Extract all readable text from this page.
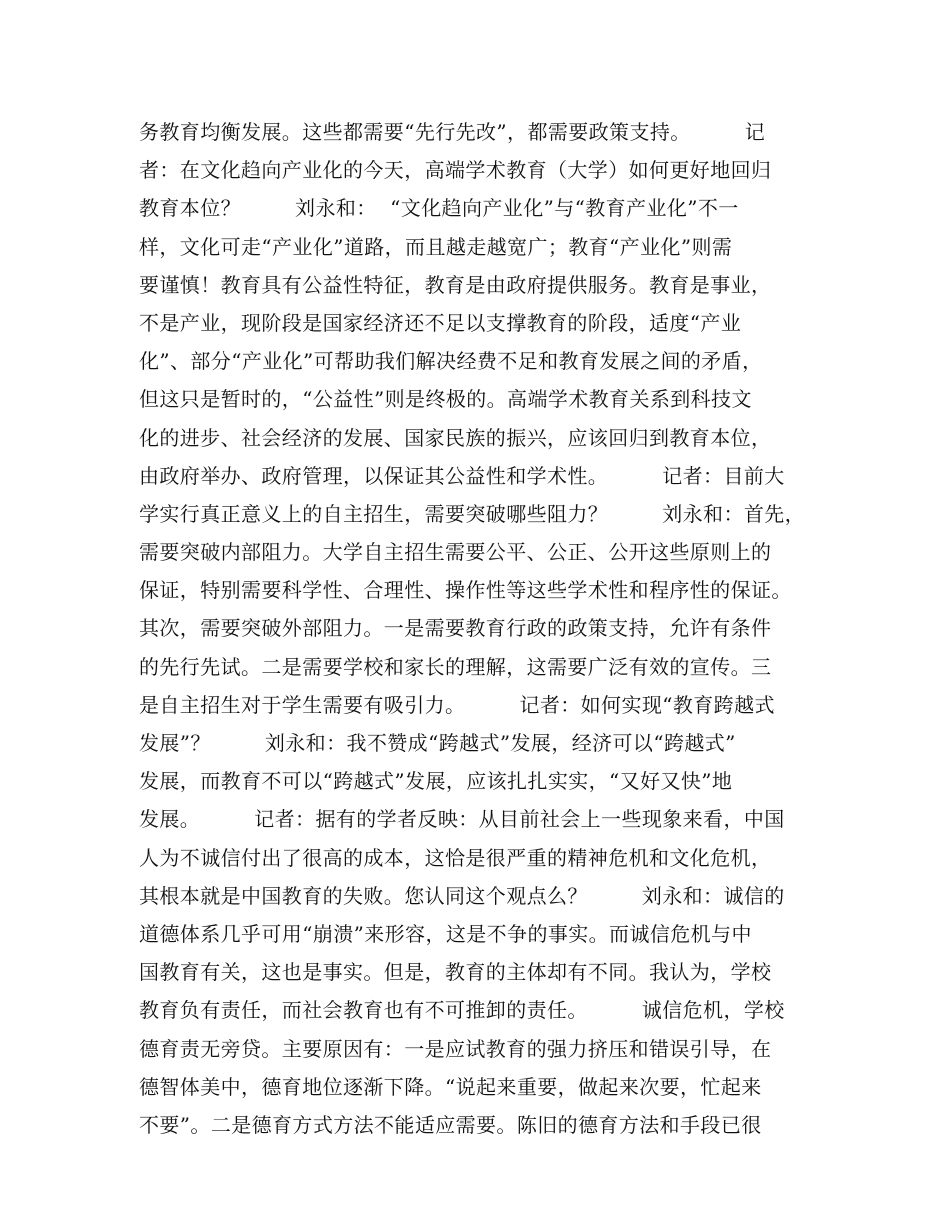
务教育均衡发展。这些都需要“先行先改”，都需要政策支持。        记
者：在文化趋向产业化的今天，高端学术教育（大学）如何更好地回归
教育本位？        刘永和：  “文化趋向产业化”与“教育产业化”不一
样，文化可走“产业化”道路，而且越走越宽广；教育“产业化”则需
要谨慎！教育具有公益性特征，教育是由政府提供服务。教育是事业，
不是产业，现阶段是国家经济还不足以支撑教育的阶段，适度“产业
化”、部分“产业化”可帮助我们解决经费不足和教育发展之间的矛盾，
但这只是暂时的，“公益性”则是终极的。高端学术教育关系到科技文
化的进步、社会经济的发展、国家民族的振兴，应该回归到教育本位，
由政府举办、政府管理，以保证其公益性和学术性。        记者：目前大
学实行真正意义上的自主招生，需要突破哪些阻力？        刘永和：首先，
需要突破内部阻力。大学自主招生需要公平、公正、公开这些原则上的
保证，特别需要科学性、合理性、操作性等这些学术性和程序性的保证。
其次，需要突破外部阻力。一是需要教育行政的政策支持，允许有条件
的先行先试。二是需要学校和家长的理解，这需要广泛有效的宣传。三
是自主招生对于学生需要有吸引力。        记者：如何实现“教育跨越式
发展”？        刘永和：我不赞成“跨越式”发展，经济可以“跨越式”
发展，而教育不可以“跨越式”发展，应该扎扎实实，“又好又快”地
发展。        记者：据有的学者反映：从目前社会上一些现象来看，中国
人为不诚信付出了很高的成本，这恰是很严重的精神危机和文化危机，
其根本就是中国教育的失败。您认同这个观点么？        刘永和：诚信的
道德体系几乎可用“崩溃”来形容，这是不争的事实。而诚信危机与中
国教育有关，这也是事实。但是，教育的主体却有不同。我认为，学校
教育负有责任，而社会教育也有不可推卸的责任。        诚信危机，学校
德育责无旁贷。主要原因有：一是应试教育的强力挤压和错误引导，在
德智体美中，德育地位逐渐下降。“说起来重要，做起来次要，忙起来
不要”。二是德育方式方法不能适应需要。陈旧的德育方法和手段已很
